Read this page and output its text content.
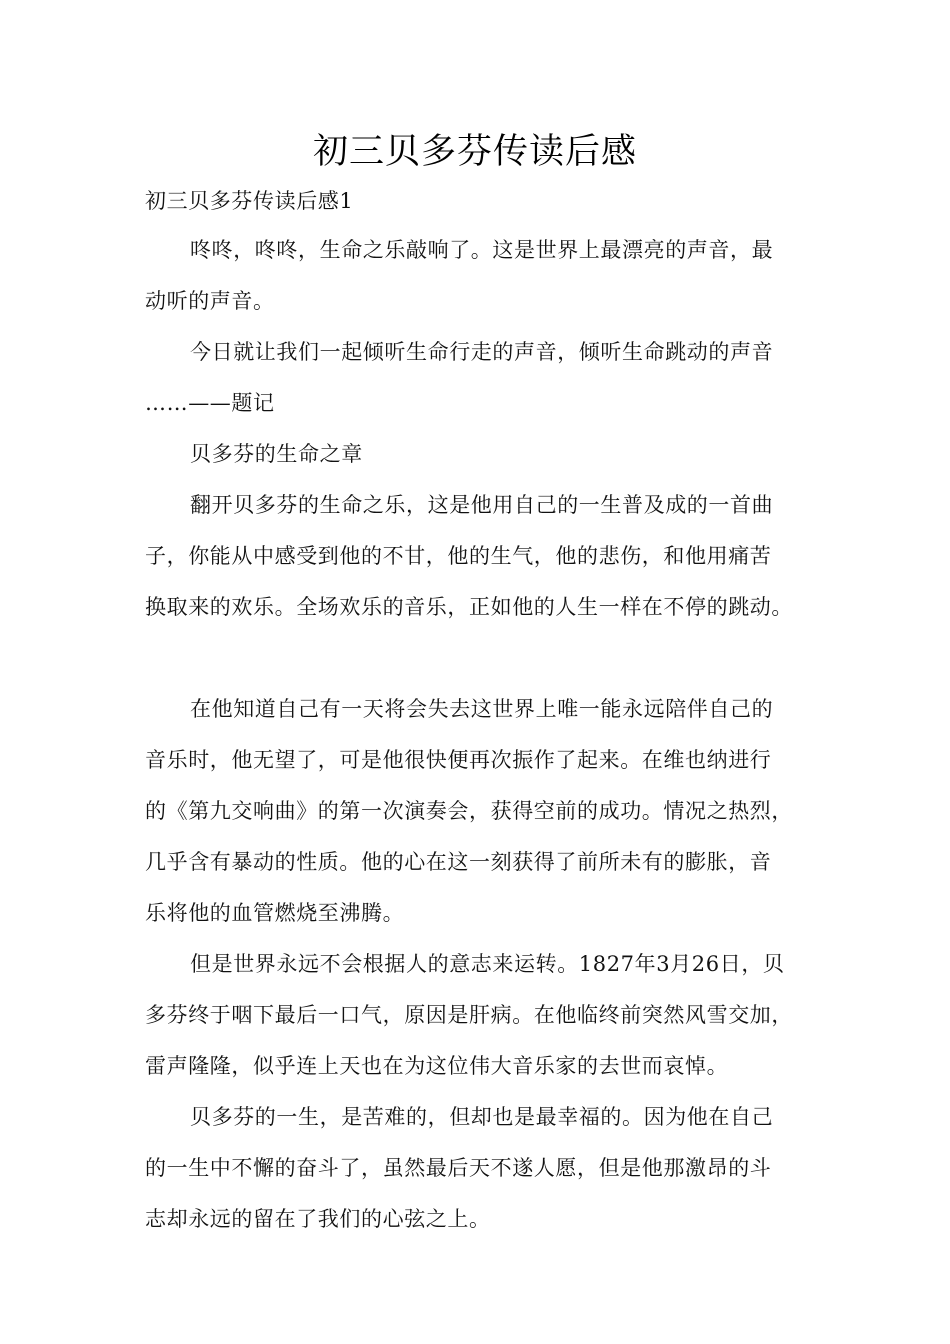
初三贝多芬传读后感
初三贝多芬传读后感1

咚咚，咚咚，生命之乐敲响了。这是世界上最漂亮的声音，最
动听的声音。

今日就让我们一起倾听生命行走的声音，倾听生命跳动的声音
……——题记

贝多芬的生命之章

翻开贝多芬的生命之乐，这是他用自己的一生普及成的一首曲
子，你能从中感受到他的不甘，他的生气，他的悲伤，和他用痛苦
换取来的欢乐。全场欢乐的音乐，正如他的人生一样在不停的跳动。

在他知道自己有一天将会失去这世界上唯一能永远陪伴自己的
音乐时，他无望了，可是他很快便再次振作了起来。在维也纳进行
的《第九交响曲》的第一次演奏会，获得空前的成功。情况之热烈，
几乎含有暴动的性质。他的心在这一刻获得了前所未有的膨胀，音
乐将他的血管燃烧至沸腾。

但是世界永远不会根据人的意志来运转。1827年3月26日，贝
多芬终于咽下最后一口气，原因是肝病。在他临终前突然风雪交加，
雷声隆隆，似乎连上天也在为这位伟大音乐家的去世而哀悼。

贝多芬的一生，是苦难的，但却也是最幸福的。因为他在自己
的一生中不懈的奋斗了，虽然最后天不遂人愿，但是他那激昂的斗
志却永远的留在了我们的心弦之上。
